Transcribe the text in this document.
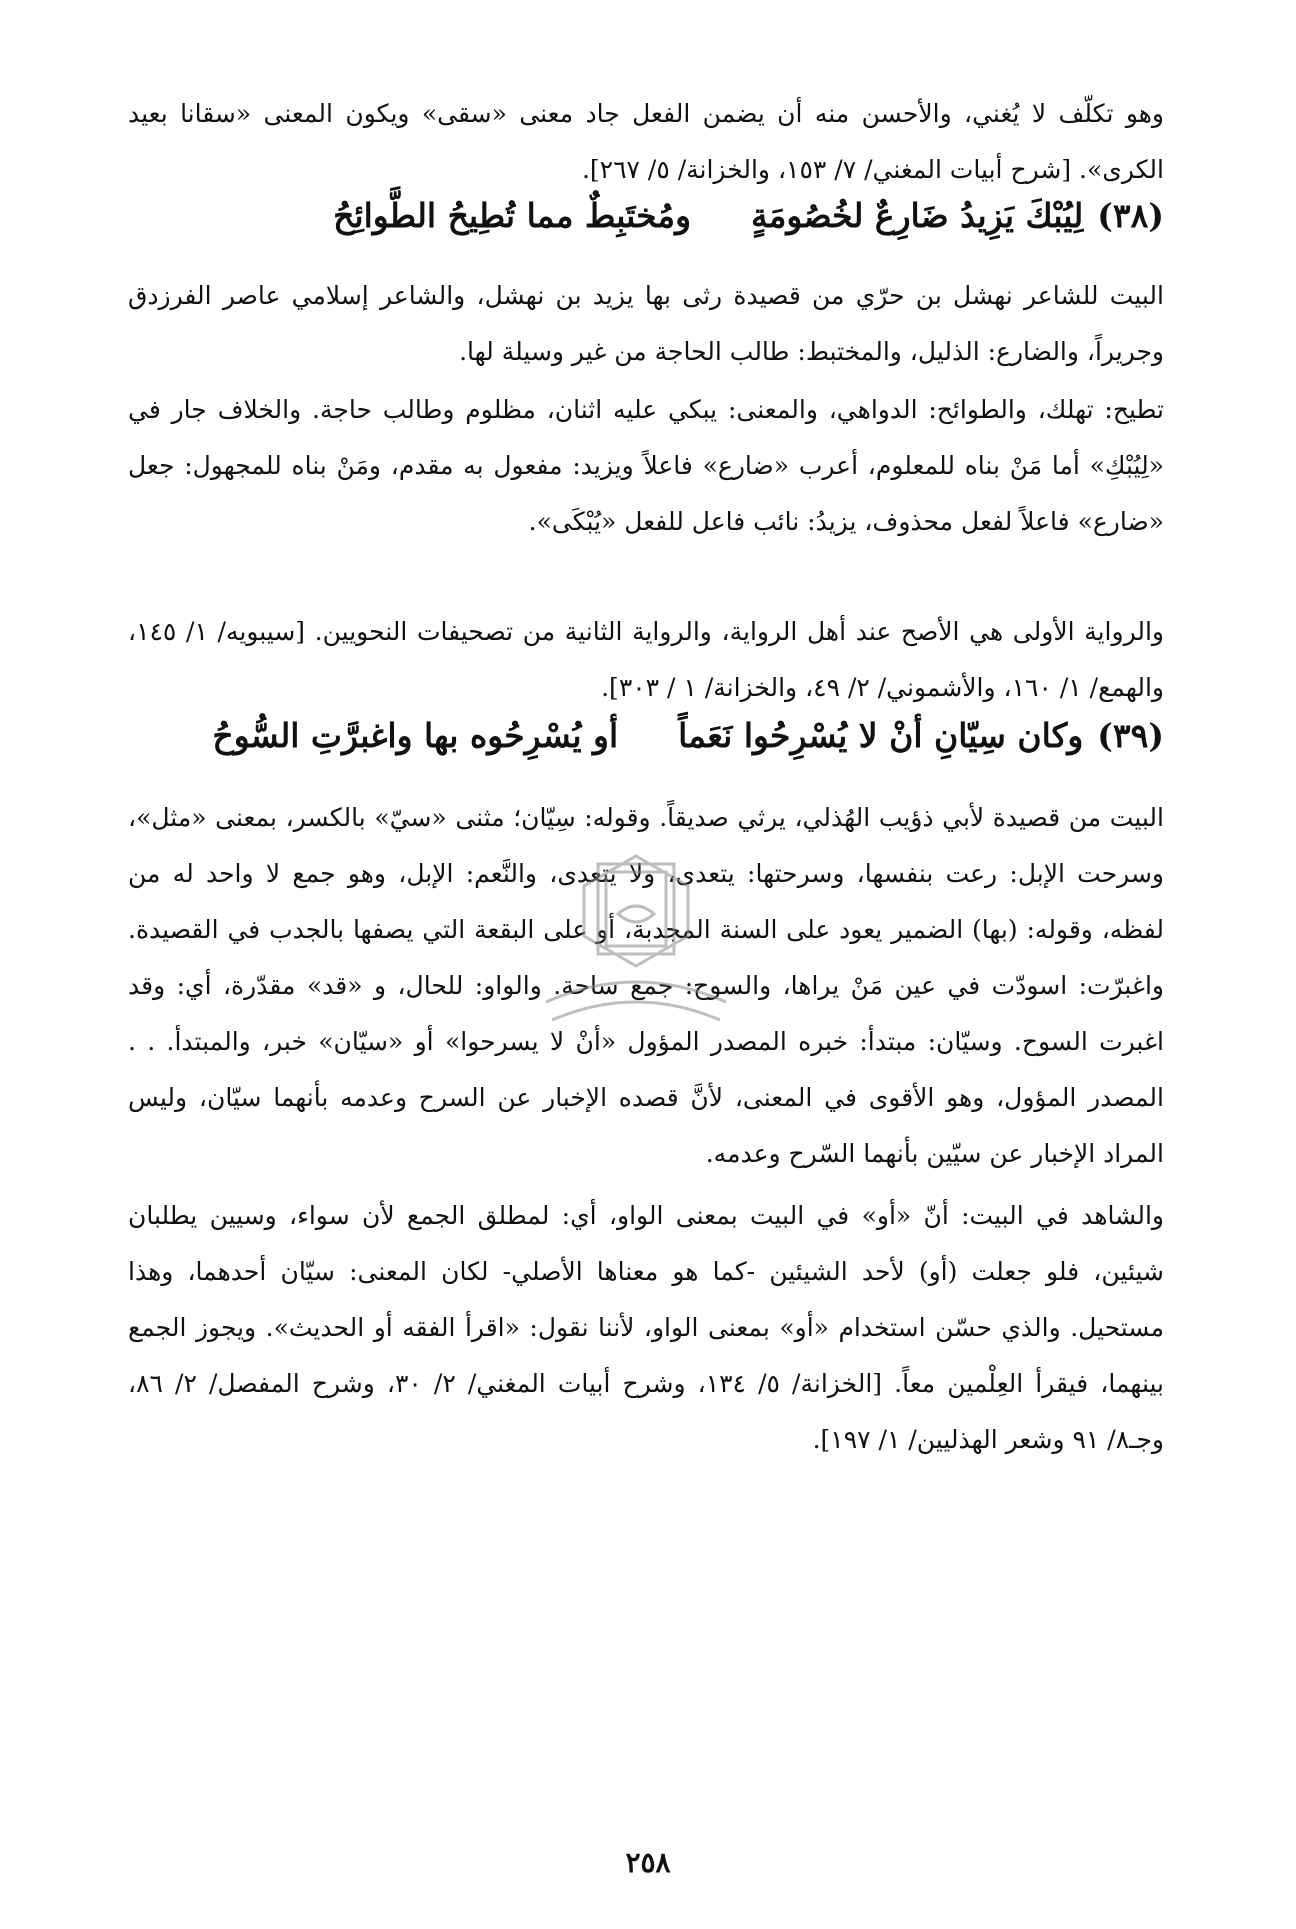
وهو تكلّف لا يُغني، والأحسن منه أن يضمن الفعل جاد معنى «سقى» ويكون المعنى «سقانا بعيد الكرى». [شرح أبيات المغني/ ٧/ ١٥٣، والخزانة/ ٥/ ٢٦٧].
(٣٨)لِيُبْكَ يَزِيدُ ضَارِعٌ لخُصُومَةٍومُختَبِطٌ مما تُطِيحُ الطَّوائِحُ
البيت للشاعر نهشل بن حرّي من قصيدة رثى بها يزيد بن نهشل، والشاعر إسلامي عاصر الفرزدق وجريراً، والضارع: الذليل، والمختبط: طالب الحاجة من غير وسيلة لها.
تطيح: تهلك، والطوائح: الدواهي، والمعنى: يبكي عليه اثنان، مظلوم وطالب حاجة. والخلاف جار في «لِيُبْكِ» أما مَنْ بناه للمعلوم، أعرب «ضارع» فاعلاً ويزيد: مفعول به مقدم، ومَنْ بناه للمجهول: جعل «ضارع» فاعلاً لفعل محذوف، يزيدُ: نائب فاعل للفعل «يُبْكَى».
والرواية الأولى هي الأصح عند أهل الرواية، والرواية الثانية من تصحيفات النحويين. [سيبويه/ ١/ ١٤٥، والهمع/ ١/ ١٦٠، والأشموني/ ٢/ ٤٩، والخزانة/ ١ / ٣٠٣].
(٣٩)وكان سِيّانِ أنْ لا يُسْرِحُوا نَعَماًأو يُسْرِحُوه بها واغبرَّتِ السُّوحُ
البيت من قصيدة لأبي ذؤيب الهُذلي، يرثي صديقاً. وقوله: سِيّان؛ مثنى «سيّ» بالكسر، بمعنى «مثل»، وسرحت الإبل: رعت بنفسها، وسرحتها: يتعدى، ولا يتعدى، والنَّعم: الإبل، وهو جمع لا واحد له من لفظه، وقوله: (بها) الضمير يعود على السنة المجدبة، أو على البقعة التي يصفها بالجدب في القصيدة. واغبرّت: اسودّت في عين مَنْ يراها، والسوح: جمع ساحة. والواو: للحال، و «قد» مقدّرة، أي: وقد اغبرت السوح. وسيّان: مبتدأ: خبره المصدر المؤول «أنْ لا يسرحوا» أو «سيّان» خبر، والمبتدأ. . . المصدر المؤول، وهو الأقوى في المعنى، لأنَّ قصده الإخبار عن السرح وعدمه بأنهما سيّان، وليس المراد الإخبار عن سيّين بأنهما السّرح وعدمه.
والشاهد في البيت: أنّ «أو» في البيت بمعنى الواو، أي: لمطلق الجمع لأن سواء، وسيين يطلبان شيئين، فلو جعلت (أو) لأحد الشيئين -كما هو معناها الأصلي- لكان المعنى: سيّان أحدهما، وهذا مستحيل. والذي حسّن استخدام «أو» بمعنى الواو، لأننا نقول: «اقرأ الفقه أو الحديث». ويجوز الجمع بينهما، فيقرأ العِلْمين معاً. [الخزانة/ ٥/ ١٣٤، وشرح أبيات المغني/ ٢/ ٣٠، وشرح المفصل/ ٢/ ٨٦، وجـ٨/ ٩١ وشعر الهذليين/ ١/ ١٩٧].
٢٥٨
